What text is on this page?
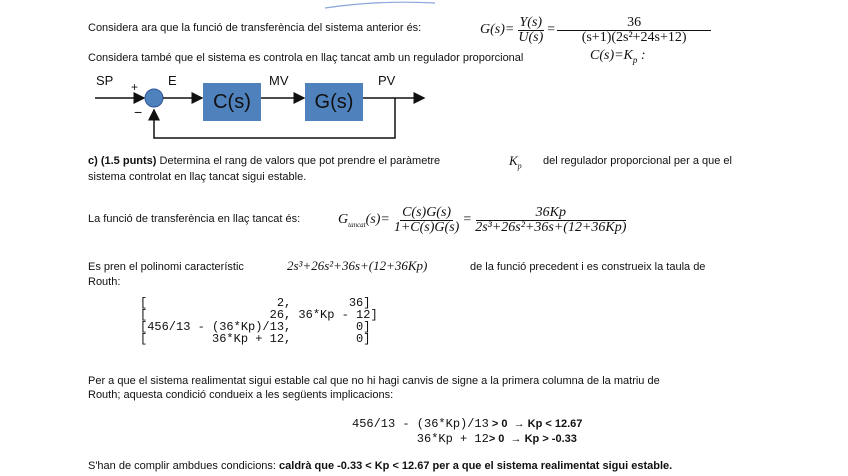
Considera ara que la funció de transferència del sistema anterior és:	$G(s)= \frac{Y(s)}{U(s)} = \frac{36}{\text{(s+1)(2s²+24s+12)}}$
Considera també que el sistema es controla en llaç tancat amb un regulador proporcional	$C(s)=K_p$ :
SP +
−
E	MV	PV
C(s)	G(s)
c) (1.5 punts) Determina el rang de valors que pot prendre el paràmetre	$K_p$ del regulador proporcional per a que el
sistema controlat en llaç tancat sigui estable.
La funció de transferència en llaç tancat és:	$G_{tancat}(s)= \frac{C(s)G(s)}{1+C(s)G(s)} = \frac{36Kp}{\text{2s³+26s²+36s+(12+36Kp)}}$
Es pren el polinomi característic	2s³+26s²+36s+(12+36Kp)	de la funció precedent i es construeix la taula de
Routh:
[                  2,        36]
[                 26, 36*Kp - 12]
[456/13 - (36*Kp)/13,         0]
[         36*Kp + 12,         0]
Per a que el sistema realimentat sigui estable cal que no hi hagi canvis de signe a la primera columna de la matriu de
Routh; aquesta condició condueix a les següents implicacions:
456/13 - (36*Kp)/13 > 0  → Kp < 12.67
36*Kp + 12> 0  → Kp > -0.33
S'han de complir ambdues condicions: caldrà que -0.33 < Kp < 12.67 per a que el sistema realimentat sigui estable.
